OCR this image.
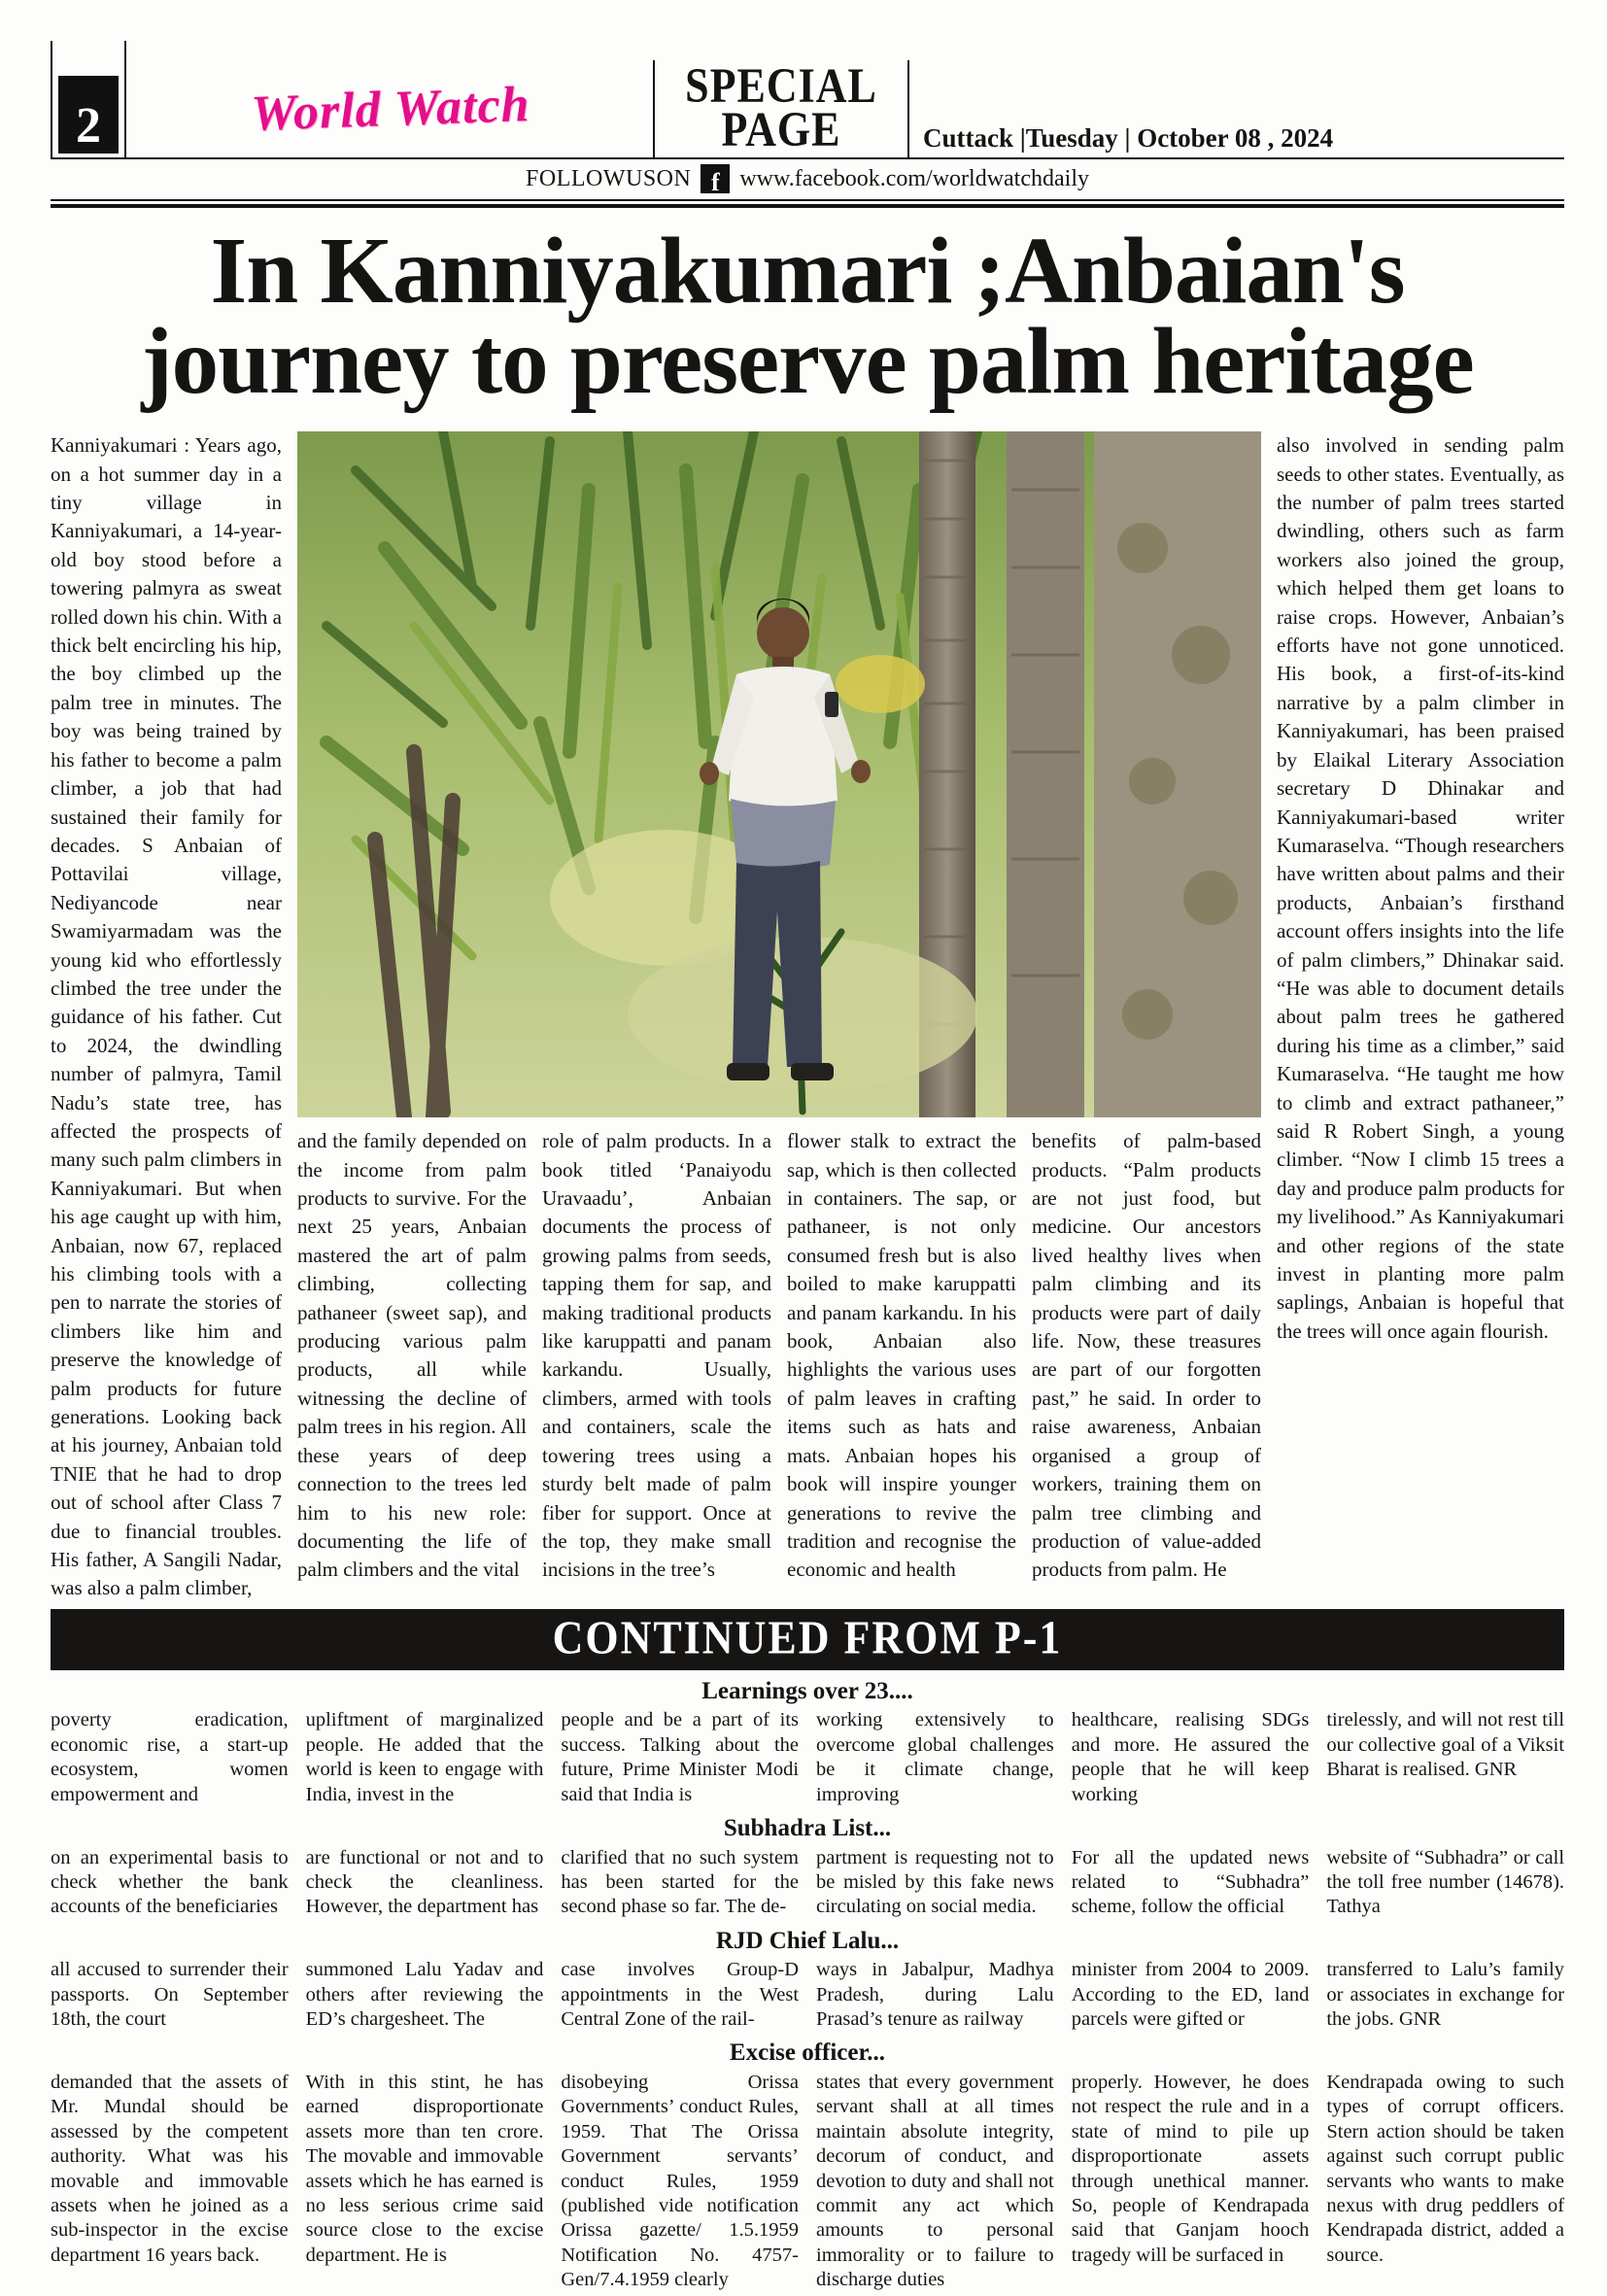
2	World Watch	SPECIAL
PAGE	Cuttack |Tuesday | October 08 , 2024
FOLLOWUSON f www.facebook.com/worldwatchdaily
In Kanniyakumari ;Anbaian's
journey to preserve palm heritage
Kanniyakumari : Years ago, on a hot summer day in a tiny village in Kanniyakumari, a 14-year-old boy stood before a towering palmyra as sweat rolled down his chin. With a thick belt encircling his hip, the boy climbed up the palm tree in minutes. The boy was being trained by his father to become a palm climber, a job that had sustained their family for decades. S Anbaian of Pottavilai village, Nediyancode near Swamiyarmadam was the young kid who effortlessly climbed the tree under the guidance of his father. Cut to 2024, the dwindling number of palmyra, Tamil Nadu’s state tree, has affected the prospects of many such palm climbers in Kanniyakumari. But when his age caught up with him, Anbaian, now 67, replaced his climbing tools with a pen to narrate the stories of climbers like him and preserve the knowledge of palm products for future generations. Looking back at his journey, Anbaian told TNIE that he had to drop out of school after Class 7 due to financial troubles. His father, A Sangili Nadar, was also a palm climber,
and the family depended on the income from palm products to survive. For the next 25 years, Anbaian mastered the art of palm climbing, collecting pathaneer (sweet sap), and producing various palm products, all while witnessing the decline of palm trees in his region. All these years of deep connection to the trees led him to his new role: documenting the life of palm climbers and the vital
role of palm products. In a book titled ‘Panaiyodu Uravaadu’, Anbaian documents the process of growing palms from seeds, tapping them for sap, and making traditional products like karuppatti and panam karkandu. Usually, climbers, armed with tools and containers, scale the towering trees using a sturdy belt made of palm fiber for support. Once at the top, they make small incisions in the tree’s
flower stalk to extract the sap, which is then collected in containers. The sap, or pathaneer, is not only consumed fresh but is also boiled to make karuppatti and panam karkandu. In his book, Anbaian also highlights the various uses of palm leaves in crafting items such as hats and mats. Anbaian hopes his book will inspire younger generations to revive the tradition and recognise the economic and health
benefits of palm-based products. “Palm products are not just food, but medicine. Our ancestors lived healthy lives when palm climbing and its products were part of daily life. Now, these treasures are part of our forgotten past,” he said. In order to raise awareness, Anbaian organised a group of workers, training them on palm tree climbing and production of value-added products from palm. He
also involved in sending palm seeds to other states. Eventually, as the number of palm trees started dwindling, others such as farm workers also joined the group, which helped them get loans to raise crops. However, Anbaian’s efforts have not gone unnoticed. His book, a first-of-its-kind narrative by a palm climber in Kanniyakumari, has been praised by Elaikal Literary Association secretary D Dhinakar and Kanniyakumari-based writer Kumaraselva. “Though researchers have written about palms and their products, Anbaian’s firsthand account offers insights into the life of palm climbers,” Dhinakar said. “He was able to document details about palm trees he gathered during his time as a climber,” said Kumaraselva. “He taught me how to climb and extract pathaneer,” said R Robert Singh, a young climber. “Now I climb 15 trees a day and produce palm products for my livelihood.” As Kanniyakumari and other regions of the state invest in planting more palm saplings, Anbaian is hopeful that the trees will once again flourish.
CONTINUED FROM P-1
Learnings over 23....
poverty eradication, economic rise, a start-up ecosystem, women empowerment and
upliftment of marginalized people. He added that the world is keen to engage with India, invest in the
people and be a part of its success. Talking about the future, Prime Minister Modi said that India is
working extensively to overcome global challenges be it climate change, improving
healthcare, realising SDGs and more. He assured the people that he will keep working
tirelessly, and will not rest till our collective goal of a Viksit Bharat is realised. GNR
Subhadra List...
on an experimental basis to check whether the bank accounts of the beneficiaries
are functional or not and to check the cleanliness. However, the department has
clarified that no such system has been started for the second phase so far. The de-
partment is requesting not to be misled by this fake news circulating on social media.
For all the updated news related to “Subhadra” scheme, follow the official
website of “Subhadra” or call the toll free number (14678). Tathya
RJD Chief Lalu...
all accused to surrender their passports. On September 18th, the court
summoned Lalu Yadav and others after reviewing the ED’s chargesheet. The
case involves Group-D appointments in the West Central Zone of the rail-
ways in Jabalpur, Madhya Pradesh, during Lalu Prasad’s tenure as railway
minister from 2004 to 2009. According to the ED, land parcels were gifted or
transferred to Lalu’s family or associates in exchange for the jobs. GNR
Excise officer...
demanded that the assets of Mr. Mundal should be assessed by the competent authority. What was his movable and immovable assets when he joined as a sub-inspector in the excise department 16 years back.
With in this stint, he has earned disproportionate assets more than ten crore. The movable and immovable assets which he has earned is no less serious crime said source close to the excise department. He is
disobeying Orissa Governments’ conduct Rules, 1959. That The Orissa Government servants’ conduct Rules, 1959 (published vide notification Orissa gazette/ 1.5.1959 Notification No. 4757-Gen/7.4.1959 clearly
states that every government servant shall at all times maintain absolute integrity, decorum of conduct, and devotion to duty and shall not commit any act which amounts to personal immorality or to failure to discharge duties
properly. However, he does not respect the rule and in a state of mind to pile up disproportionate assets through unethical manner. So, people of Kendrapada said that Ganjam hooch tragedy will be surfaced in
Kendrapada owing to such types of corrupt officers. Stern action should be taken against such corrupt public servants who wants to make nexus with drug peddlers of Kendrapada district, added a source.
